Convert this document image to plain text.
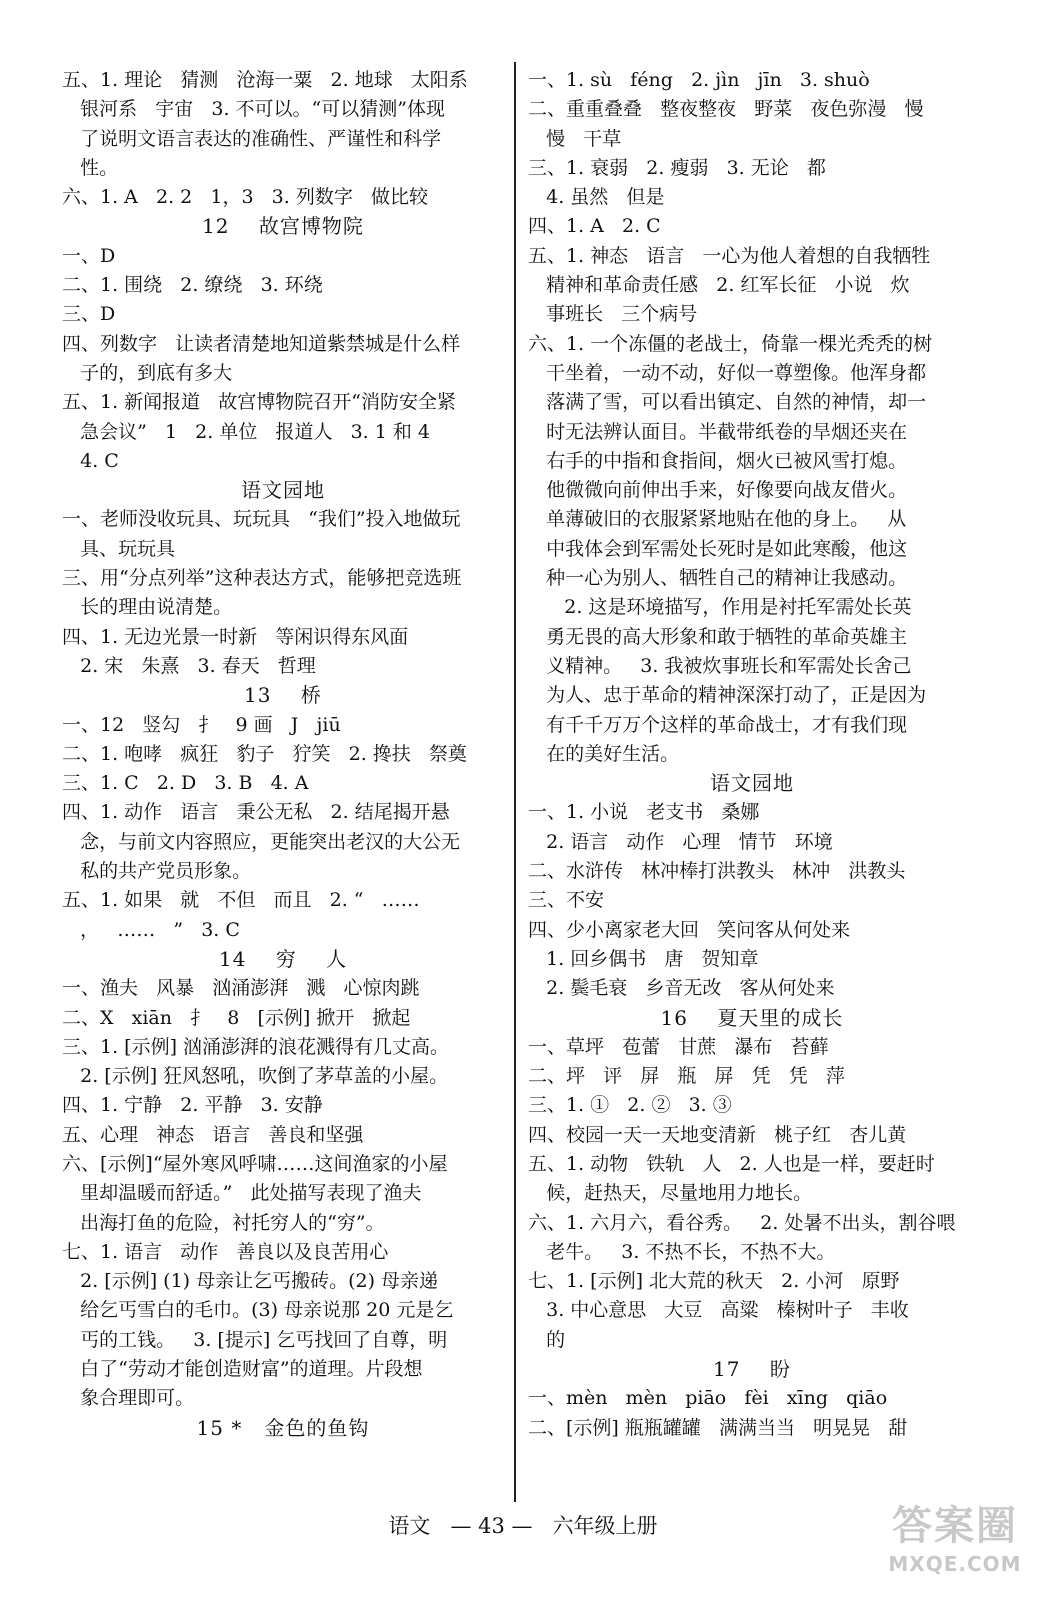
五、1. 理论   猜测   沧海一粟   2. 地球   太阳系
银河系   宇宙   3. 不可以。“可以猜测”体现
了说明文语言表达的准确性、严谨性和科学
性。
六、1. A   2. 2   1，3   3. 列数字   做比较
12    故宫博物院
一、D
二、1. 围绕   2. 缭绕   3. 环绕
三、D
四、列数字   让读者清楚地知道紫禁城是什么样
子的，到底有多大
五、1. 新闻报道   故宫博物院召开“消防安全紧
急会议”   1   2. 单位   报道人   3. 1 和 4
4. C
语文园地
一、老师没收玩具、玩玩具   “我们”投入地做玩
具、玩玩具
三、用“分点列举”这种表达方式，能够把竞选班
长的理由说清楚。
四、1. 无边光景一时新   等闲识得东风面
2. 宋   朱熹   3. 春天   哲理
13    桥
一、12   竖勾   扌   9 画   J   jiū
二、1. 咆哮   疯狂   豹子   狞笑   2. 搀扶   祭奠
三、1. C   2. D   3. B   4. A
四、1. 动作   语言   秉公无私   2. 结尾揭开悬
念，与前文内容照应，更能突出老汉的大公无
私的共产党员形象。
五、1. 如果   就   不但   而且   2. “   ……
，   ……   ”   3. C
14    穷    人
一、渔夫   风暴   汹涌澎湃   溅   心惊肉跳
二、X   xiān   扌   8   [示例] 掀开   掀起
三、1. [示例] 汹涌澎湃的浪花溅得有几丈高。
2. [示例] 狂风怒吼，吹倒了茅草盖的小屋。
四、1. 宁静   2. 平静   3. 安静
五、心理   神态   语言   善良和坚强
六、[示例]“屋外寒风呼啸……这间渔家的小屋
里却温暖而舒适。”   此处描写表现了渔夫
出海打鱼的危险，衬托穷人的“穷”。
七、1. 语言   动作   善良以及良苦用心
2. [示例] (1) 母亲让乞丐搬砖。(2) 母亲递
给乞丐雪白的毛巾。(3) 母亲说那 20 元是乞
丐的工钱。   3. [提示] 乞丐找回了自尊，明
白了“劳动才能创造财富”的道理。片段想
象合理即可。
15 *   金色的鱼钩
一、1. sù   féng   2. jìn   jīn   3. shuò
二、重重叠叠   整夜整夜   野菜   夜色弥漫   慢
慢   干草
三、1. 衰弱   2. 瘦弱   3. 无论   都
4. 虽然   但是
四、1. A   2. C
五、1. 神态   语言   一心为他人着想的自我牺牲
精神和革命责任感   2. 红军长征   小说   炊
事班长   三个病号
六、1. 一个冻僵的老战士，倚靠一棵光秃秃的树
干坐着，一动不动，好似一尊塑像。他浑身都
落满了雪，可以看出镇定、自然的神情，却一
时无法辨认面目。半截带纸卷的旱烟还夹在
右手的中指和食指间，烟火已被风雪打熄。
他微微向前伸出手来，好像要向战友借火。
单薄破旧的衣服紧紧地贴在他的身上。   从
中我体会到军需处长死时是如此寒酸，他这
种一心为别人、牺牲自己的精神让我感动。
2. 这是环境描写，作用是衬托军需处长英
勇无畏的高大形象和敢于牺牲的革命英雄主
义精神。   3. 我被炊事班长和军需处长舍己
为人、忠于革命的精神深深打动了，正是因为
有千千万万个这样的革命战士，才有我们现
在的美好生活。
语文园地
一、1. 小说   老支书   桑娜
2. 语言   动作   心理   情节   环境
二、水浒传   林冲棒打洪教头   林冲   洪教头
三、不安
四、少小离家老大回   笑问客从何处来
1. 回乡偶书   唐   贺知章
2. 鬓毛衰   乡音无改   客从何处来
16    夏天里的成长
一、草坪   苞蕾   甘蔗   瀑布   苔藓
二、坪   评   屏   瓶   屏   凭   凭   萍
三、1. ①   2. ②   3. ③
四、校园一天一天地变清新   桃子红   杏儿黄
五、1. 动物   铁轨   人   2. 人也是一样，要赶时
候，赶热天，尽量地用力地长。
六、1. 六月六，看谷秀。   2. 处暑不出头，割谷喂
老牛。   3. 不热不长，不热不大。
七、1. [示例] 北大荒的秋天   2. 小河   原野
3. 中心意思   大豆   高粱   榛树叶子   丰收
的
17    盼
一、mèn   mèn   piāo   fèi   xīng   qiāo
二、[示例] 瓶瓶罐罐   满满当当   明晃晃   甜
语文 — 43 — 六年级上册	答案圈
MXQE.COM
